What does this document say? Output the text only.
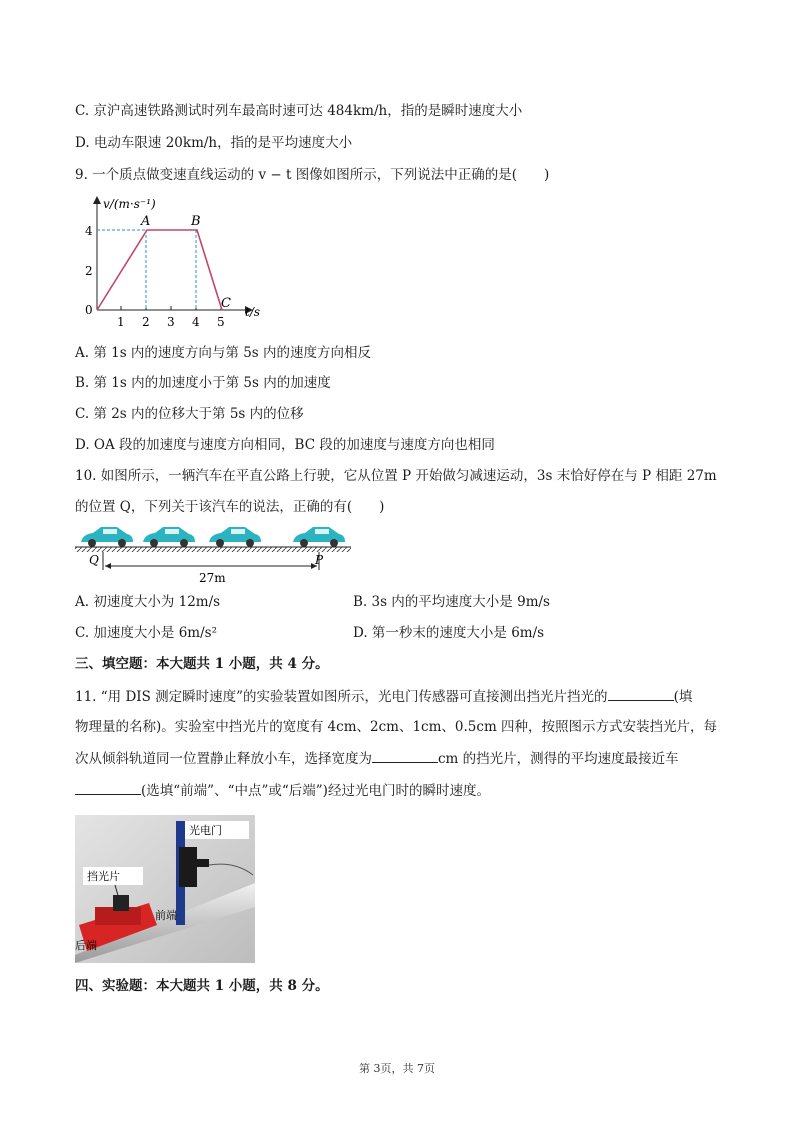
C. 京沪高速铁路测试时列车最高时速可达 484km/h，指的是瞬时速度大小
D. 电动车限速 20km/h，指的是平均速度大小
9. 一个质点做变速直线运动的 v − t 图像如图所示，下列说法中正确的是(　　)
v/(m·s⁻¹)
t/s
0
1 2 3 4 5
2
4
A	B
C
A. 第 1s 内的速度方向与第 5s 内的速度方向相反
B. 第 1s 内的加速度小于第 5s 内的加速度
C. 第 2s 内的位移大于第 5s 内的位移
D. OA 段的加速度与速度方向相同，BC 段的加速度与速度方向也相同
10. 如图所示，一辆汽车在平直公路上行驶，它从位置 P 开始做匀减速运动，3s 末恰好停在与 P 相距 27m
的位置 Q，下列关于该汽车的说法，正确的有(　　)
Q	P
27m
A. 初速度大小为 12m/s	B. 3s 内的平均速度大小是 9m/s
C. 加速度大小是 6m/s²	D. 第一秒末的速度大小是 6m/s
三、填空题：本大题共 1 小题，共 4 分。
11. “用 DIS 测定瞬时速度”的实验装置如图所示，光电门传感器可直接测出挡光片挡光的	(填
物理量的名称)。实验室中挡光片的宽度有 4cm、2cm、1cm、0.5cm 四种，按照图示方式安装挡光片，每
次从倾斜轨道同一位置静止释放小车，选择宽度为	cm 的挡光片，测得的平均速度最接近车
(选填“前端”、“中点”或“后端”)经过光电门时的瞬时速度。
光电门
挡光片
前端
后端
四、实验题：本大题共 1 小题，共 8 分。
第 3页，共 7页
